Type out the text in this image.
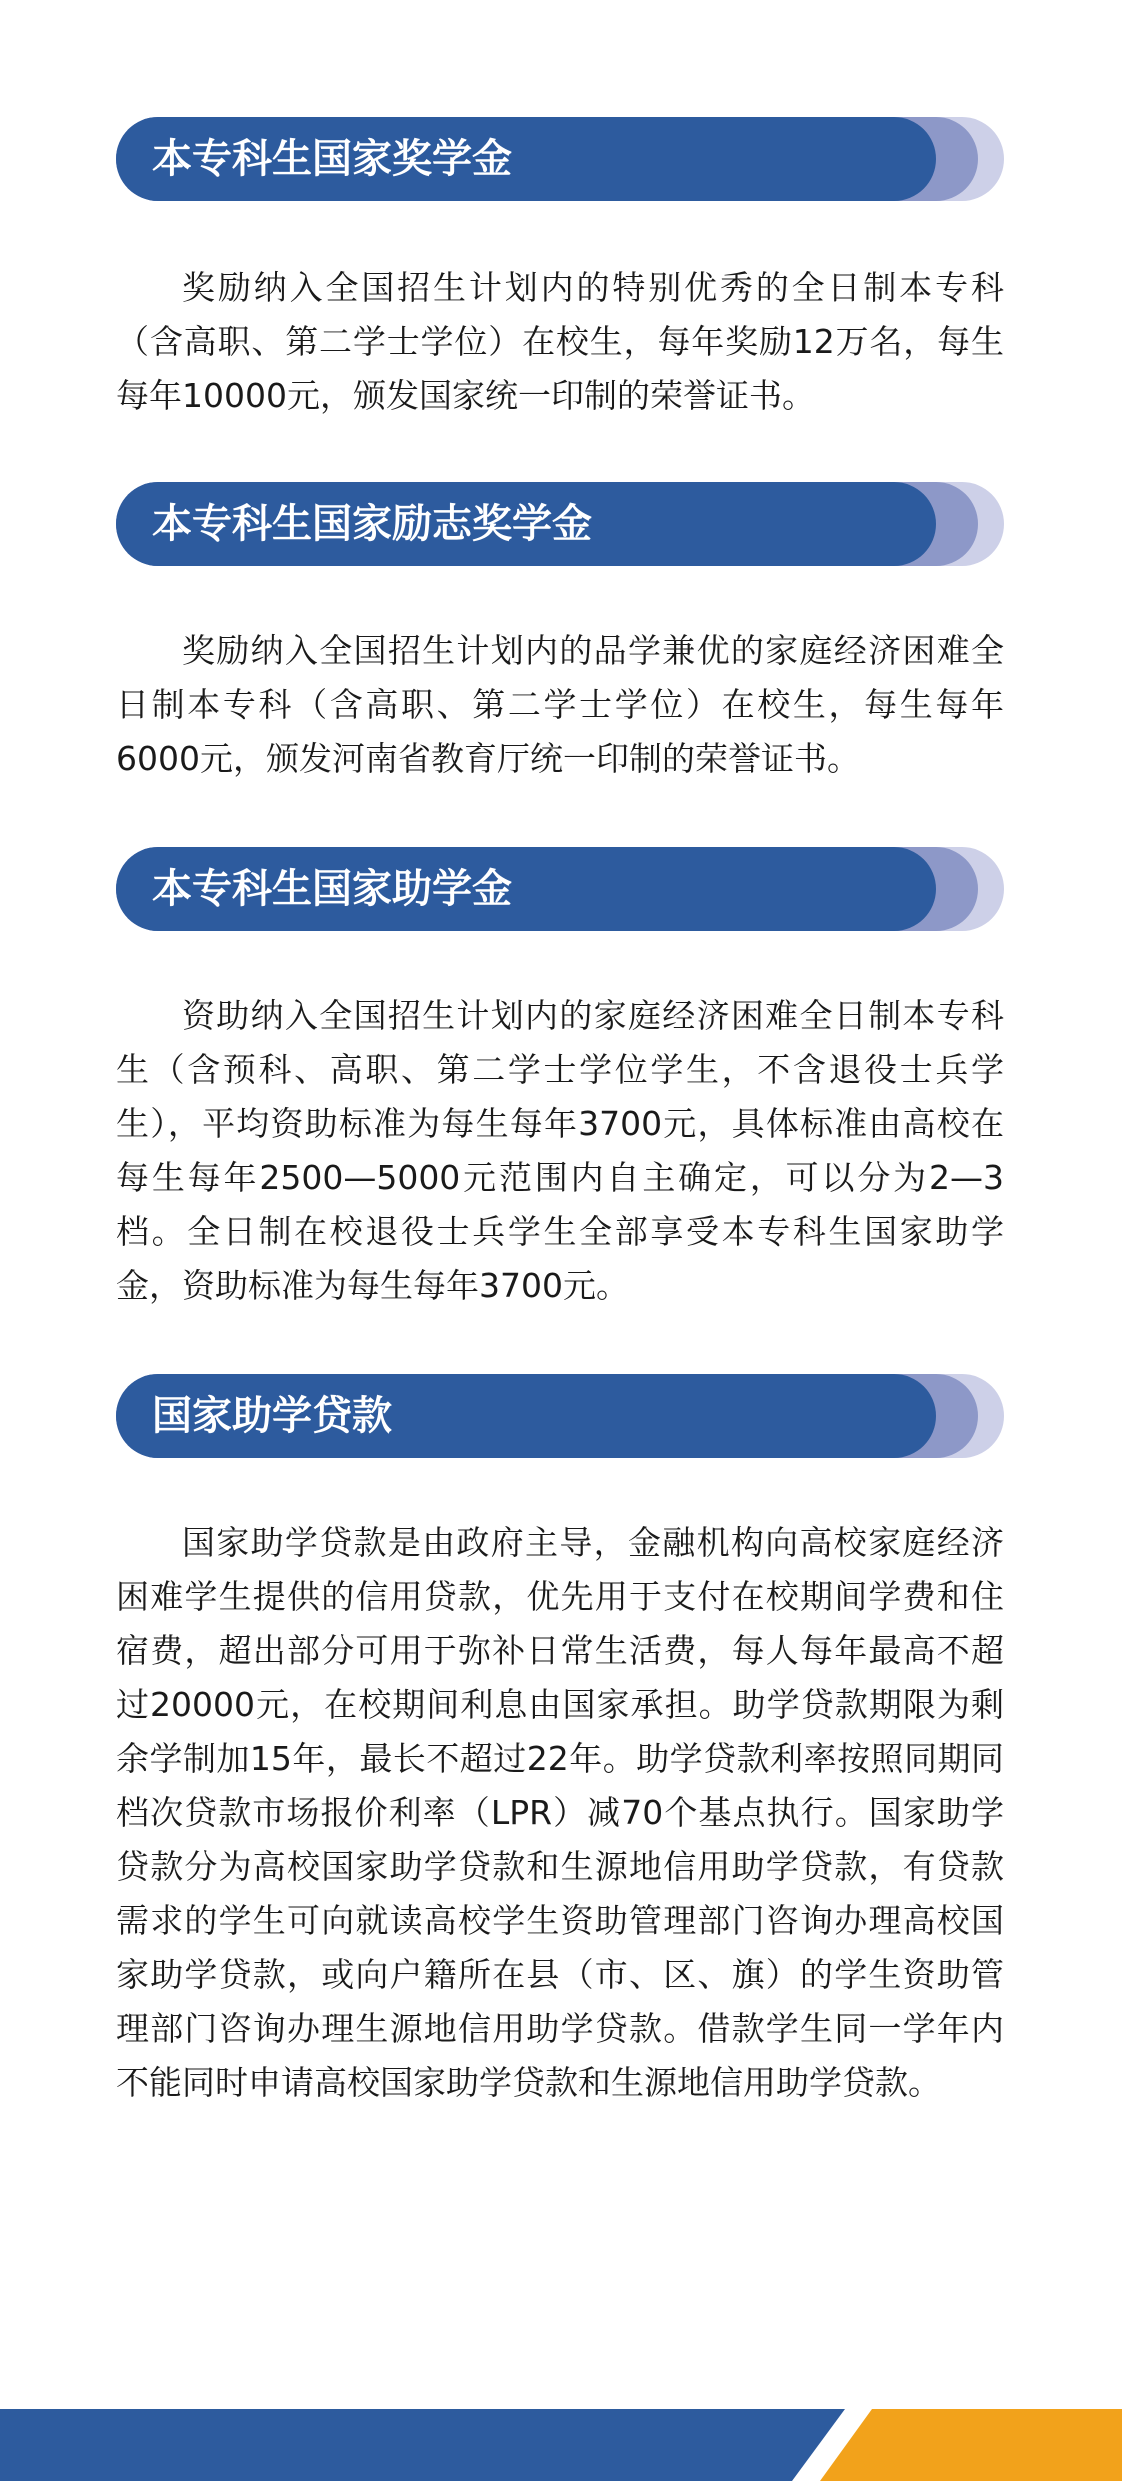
本专科生国家奖学金

奖励纳入全国招生计划内的特别优秀的全日制本专科（含高职、第二学士学位）在校生，每年奖励12万名，每生每年10000元，颁发国家统一印制的荣誉证书。

本专科生国家励志奖学金

奖励纳入全国招生计划内的品学兼优的家庭经济困难全日制本专科（含高职、第二学士学位）在校生，每生每年6000元，颁发河南省教育厅统一印制的荣誉证书。

本专科生国家助学金

资助纳入全国招生计划内的家庭经济困难全日制本专科生（含预科、高职、第二学士学位学生，不含退役士兵学生），平均资助标准为每生每年3700元，具体标准由高校在每生每年2500—5000元范围内自主确定，可以分为2—3档。全日制在校退役士兵学生全部享受本专科生国家助学金，资助标准为每生每年3700元。

国家助学贷款

国家助学贷款是由政府主导，金融机构向高校家庭经济困难学生提供的信用贷款，优先用于支付在校期间学费和住宿费，超出部分可用于弥补日常生活费，每人每年最高不超过20000元，在校期间利息由国家承担。助学贷款期限为剩余学制加15年，最长不超过22年。助学贷款利率按照同期同档次贷款市场报价利率（LPR）减70个基点执行。国家助学贷款分为高校国家助学贷款和生源地信用助学贷款，有贷款需求的学生可向就读高校学生资助管理部门咨询办理高校国家助学贷款，或向户籍所在县（市、区、旗）的学生资助管理部门咨询办理生源地信用助学贷款。借款学生同一学年内不能同时申请高校国家助学贷款和生源地信用助学贷款。
